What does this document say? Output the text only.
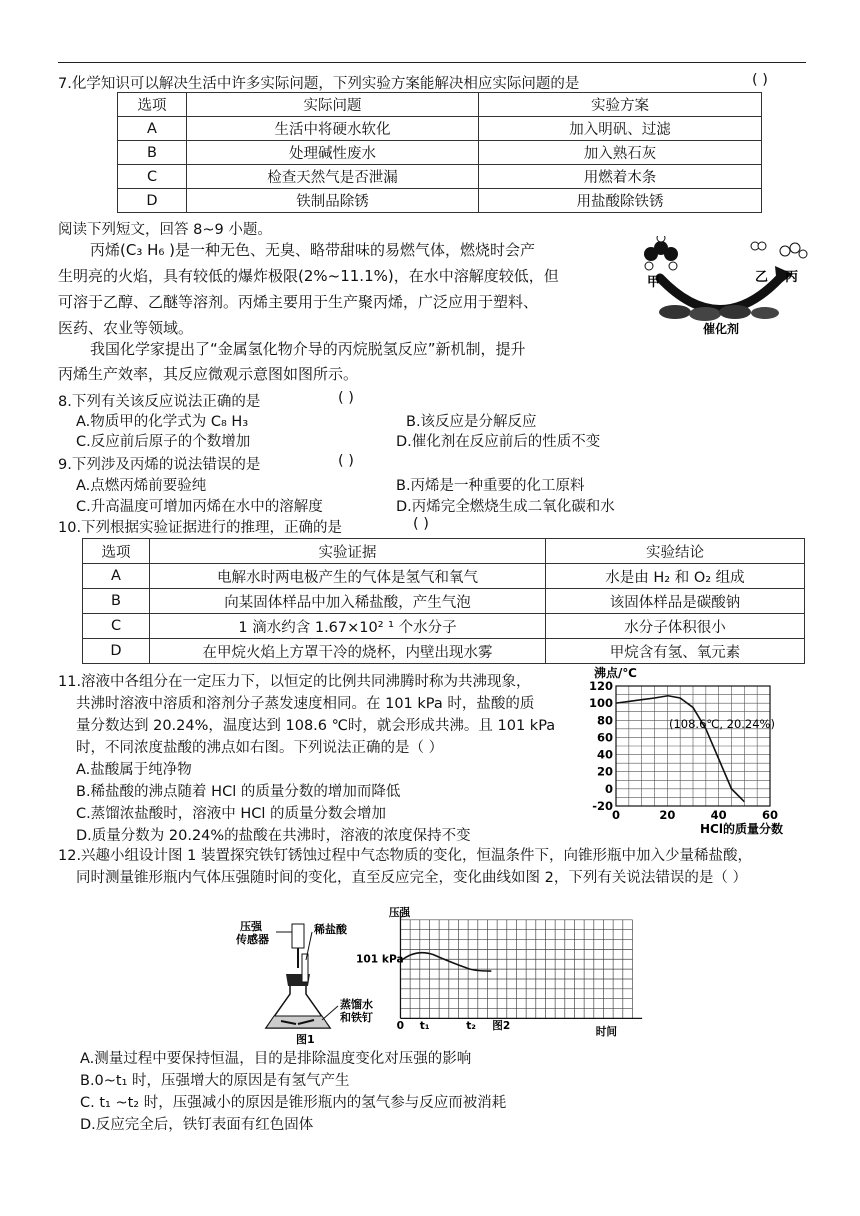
7.化学知识可以解决生活中许多实际问题，下列实验方案能解决相应实际问题的是	( )
选项	实际问题	实验方案
A	生活中将硬水软化	加入明矾、过滤
B	处理碱性废水	加入熟石灰
C	检查天然气是否泄漏	用燃着木条
D	铁制品除锈	用盐酸除铁锈
阅读下列短文，回答 8~9 小题。
丙烯(C₃ H₆ )是一种无色、无臭、略带甜味的易燃气体，燃烧时会产
生明亮的火焰，具有较低的爆炸极限(2%~11.1%)，在水中溶解度较低，但
可溶于乙醇、乙醚等溶剂。丙烯主要用于生产聚丙烯，广泛应用于塑料、
医药、农业等领域。
我国化学家提出了“金属氢化物介导的丙烷脱氢反应”新机制，提升
丙烯生产效率，其反应微观示意图如图所示。
甲	乙 丙
催化剂
8.下列有关该反应说法正确的是	( )
A.物质甲的化学式为 C₈ H₃	B.该反应是分解反应
C.反应前后原子的个数增加	D.催化剂在反应前后的性质不变
9.下列涉及丙烯的说法错误的是	( )
A.点燃丙烯前要验纯	B.丙烯是一种重要的化工原料
C.升高温度可增加丙烯在水中的溶解度	D.丙烯完全燃烧生成二氧化碳和水
10.下列根据实验证据进行的推理，正确的是	( )
选项	实验证据	实验结论
A	电解水时两电极产生的气体是氢气和氧气	水是由 H₂ 和 O₂ 组成
B	向某固体样品中加入稀盐酸，产生气泡	该固体样品是碳酸钠
C	1 滴水约含 1.67×10² ¹ 个水分子	水分子体积很小
D	在甲烷火焰上方罩干冷的烧杯，内壁出现水雾	甲烷含有氢、氧元素
11.溶液中各组分在一定压力下，以恒定的比例共同沸腾时称为共沸现象，
共沸时溶液中溶质和溶剂分子蒸发速度相同。在 101 kPa 时，盐酸的质
量分数达到 20.24%，温度达到 108.6 ℃时，就会形成共沸。且 101 kPa
时，不同浓度盐酸的沸点如右图。下列说法正确的是（ ）
A.盐酸属于纯净物
B.稀盐酸的沸点随着 HCl 的质量分数的增加而降低
C.蒸馏浓盐酸时，溶液中 HCl 的质量分数会增加
D.质量分数为 20.24%的盐酸在共沸时，溶液的浓度保持不变
沸点/℃
-20
0
20
40
60
80
100
120
0	20	40	60
(108.6℃, 20.24%)
HCl的质量分数
12.兴趣小组设计图 1 装置探究铁钉锈蚀过程中气态物质的变化，恒温条件下，向锥形瓶中加入少量稀盐酸，
同时测量锥形瓶内气体压强随时间的变化，直至反应完全，变化曲线如图 2，下列有关说法错误的是（ ）
压强
传感器
稀盐酸
蒸馏水
和铁钉
图1
压强
101 kPa
0 t₁	t₂ 图2	时间
A.测量过程中要保持恒温，目的是排除温度变化对压强的影响
B.0~t₁ 时，压强增大的原因是有氢气产生
C. t₁ ~t₂ 时，压强减小的原因是锥形瓶内的氢气参与反应而被消耗
D.反应完全后，铁钉表面有红色固体
